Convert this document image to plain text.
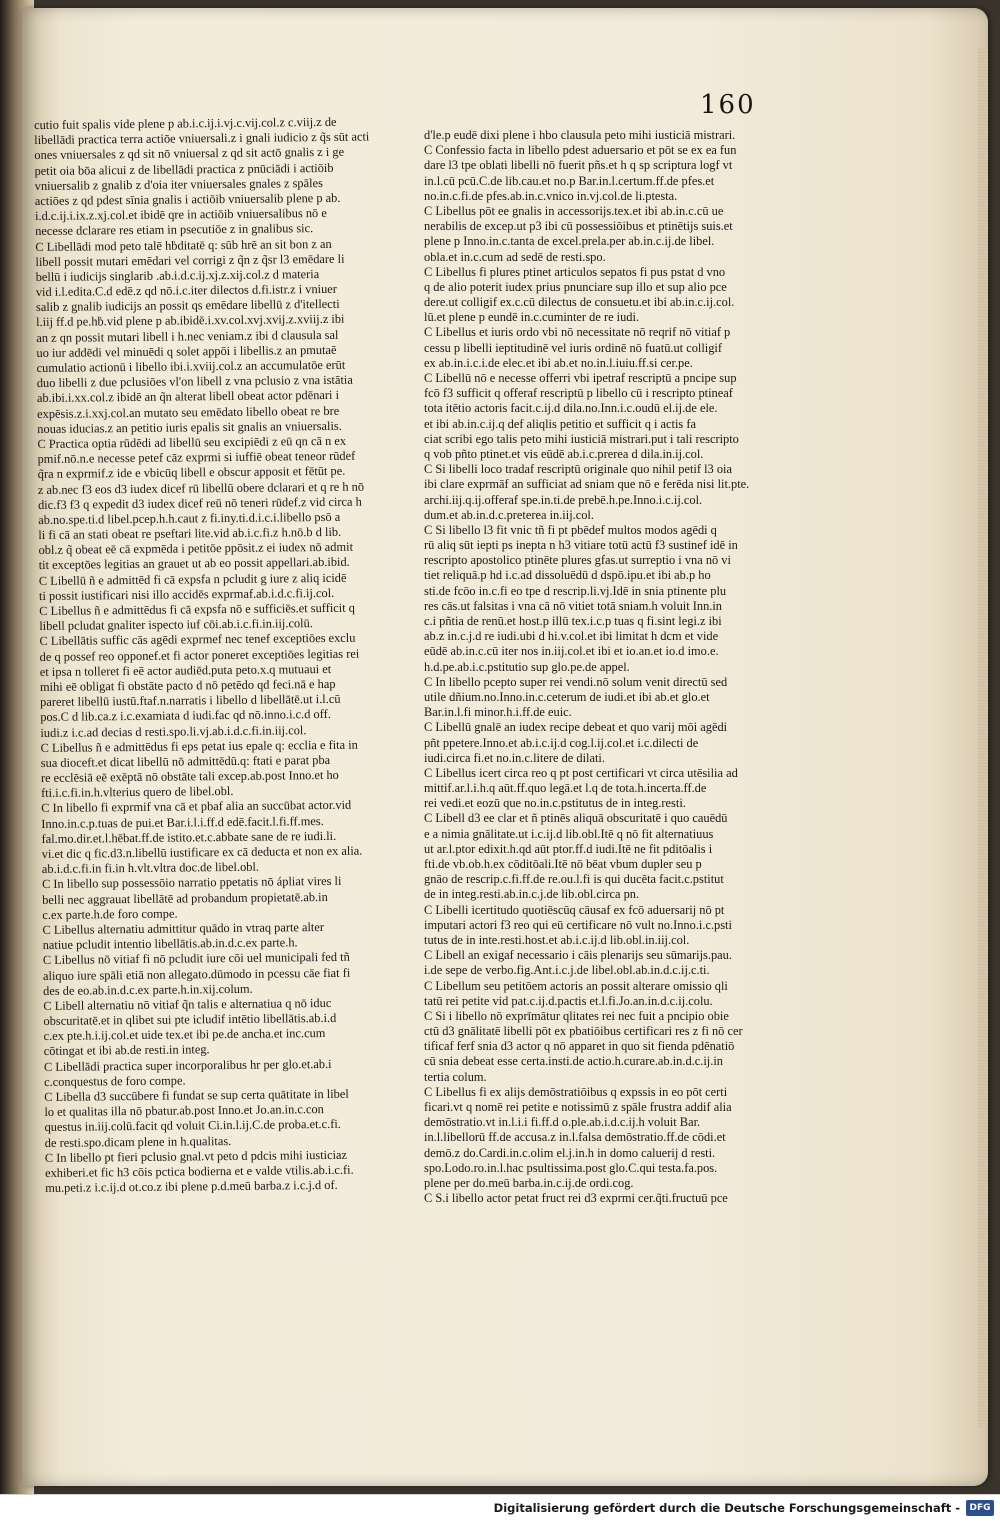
160
cutio fuit spalis vide plene p ab.i.c.ij.i.vj.c.vij.col.z c.viij.z de
libellādi practica terra actiōe vniuersali.z i gnali iudicio z q̃s sūt acti
ones vniuersales z qd sit nō vniuersal z qd sit actō gnalis z i ge
petit oia bōa alicui z de libellādi practica z pnūciādi i actiōib
vniuersalib z gnalib z d'oia iter vniuersales gnales z spāles
actiōes z qd pdest sīnia gnalis i actiōib vniuersalib plene p ab.
i.d.c.ij.i.ix.z.xj.col.et ibidē qre in actiōib vniuersalibus nō e
necesse dclarare res etiam in psecutiōe z in gnalibus sic.
C Libellādi mod peto talē hḃditatē q: sūb hrē an sit bon z an
libell possit mutari emēdari vel corrigi z q̃n z q̃sr l3 emēdare li
bellū i iudicijs singlarib .ab.i.d.c.ij.xj.z.xij.col.z d materia
vid i.l.edita.C.d edē.z qd nō.i.c.iter dilectos d.fi.istr.z i vniuer
salib z gnalib iudicijs an possit qs emēdare libellū z d'itellecti
l.iij ff.d pe.hḃ.vid plene p ab.ibidē.i.xv.col.xvj.xvij.z.xviij.z ibi
an z qn possit mutari libell i h.nec veniam.z ibi d clausula sal
uo iur addēdi vel minuēdi q solet appōi i libellis.z an pmutaē
cumulatio actionū i libello ibi.i.xviij.col.z an accumulatōe erūt
duo libelli z due pclusiōes vl'on libell z vna pclusio z vna istātia
ab.ibi.i.xx.col.z ibidē an q̃n alterat libell obeat actor pdēnari i
expēsis.z.i.xxj.col.an mutato seu emēdato libello obeat re bre
nouas iducias.z an petitio iuris epalis sit gnalis an vniuersalis.
C Practica optia rūdēdi ad libellū seu excipiēdi z eū qn cā n ex
pmif.nō.n.e necesse petef cāz exprmi si iuffiē obeat teneor rūdef
q̃ra n exprmif.z ide e vbicūq libell e obscur apposit et fētūt pe.
z ab.nec f3 eos d3 iudex dicef rū libellū obere dclarari et q re h nō
dic.f3 f3 q expedit d3 iudex dicef reū nō teneri rūdef.z vid circa h
ab.no.spe.ti.d libel.pcep.h.h.caut z fi.iny.ti.d.i.c.i.libello psō a
li fi cā an stati obeat re pseftari lite.vid ab.i.c.fi.z h.nō.b d lib.
obl.z q̃ obeat eē cā expmēda i petitōe ppōsit.z ei iudex nō admit
tit exceptōes legitias an grauet ut ab eo possit appellari.ab.ibid.
C Libellū ñ e admittēd fi cā expsfa n pcludit g iure z aliq icidē
ti possit iustificari nisi illo accidēs exprmaf.ab.i.d.c.fi.ij.col.
C Libellus ñ e admittēdus fi cā expsfa nō e sufficiēs.et sufficit q
libell pcludat gnaliter ispecto iuf cōi.ab.i.c.fi.in.iij.colū.
C Libellātis suffic cās agēdi exprmef nec tenef exceptiōes exclu
de q possef reo opponef.et fi actor poneret exceptiōes legitias rei
et ipsa n tolleret fi eē actor audiēd.puta peto.x.q mutuaui et
mihi eē obligat fi obstāte pacto d nō petēdo qd feci.nā e hap
pareret libellū iustū.ftaf.n.narratis i libello d libellātē.ut i.l.cū
pos.C d lib.ca.z i.c.examiata d iudi.fac qd nō.inno.i.c.d off.
iudi.z i.c.ad decias d resti.spo.li.vj.ab.i.d.c.fi.in.iij.col.
C Libellus ñ e admittēdus fi eps petat ius epale q: ecclia e fita in
sua dioceft.et dicat libellū nō admittēdū.q: ftati e parat pba
re ecclēsiā eē exēptā nō obstāte tali excep.ab.post Inno.et ho
fti.i.c.fi.in.h.vlterius quero de libel.obl.
C In libello fi exprmif vna cā et pbaf alia an succūbat actor.vid
Inno.in.c.p.tuas de pui.et Bar.i.l.i.ff.d edē.facit.l.fi.ff.mes.
fal.mo.dir.et.l.hēbat.ff.de istito.et.c.abbate sane de re iudi.li.
vi.et dic q fic.d3.n.libellū iustificare ex cā deducta et non ex alia.
ab.i.d.c.fi.in fi.in h.vlt.vltra doc.de libel.obl.
C In libello sup possessōio narratio ppetatis nō ápliat vires li
belli nec aggrauat libellātē ad probandum propietatē.ab.in
c.ex parte.h.de foro compe.
C Libellus alternatiu admittitur quādo in vtraq parte alter
natiue pcludit intentio libellātis.ab.in.d.c.ex parte.h.
C Libellus nō vitiaf fi nō pcludit iure cōi uel municipali fed tñ
aliquo iure spāli etiā non allegato.dūmodo in pcessu cāe fiat fi
des de eo.ab.in.d.c.ex parte.h.in.xij.colum.
C Libell alternatiu nō vitiaf q̃n talis e alternatiua q nō iduc
obscuritatē.et in qlibet sui pte icludif intētio libellātis.ab.i.d
c.ex pte.h.i.ij.col.et uide tex.et ibi pe.de ancha.et inc.cum
cōtingat et ibi ab.de resti.in integ.
C Libellādi practica super incorporalibus hr per glo.et.ab.i
c.conquestus de foro compe.
C Libella d3 succūbere fi fundat se sup certa quātitate in libel
lo et qualitas illa nō pbatur.ab.post Inno.et Jo.an.in.c.con
questus in.iij.colū.facit qd voluit Ci.in.l.ij.C.de proba.et.c.fi.
de resti.spo.dicam plene in h.qualitas.
C In libello pt fieri pclusio gnal.vt peto d pdcis mihi iusticiaz
exhiberi.et fic h3 cōis pctica bodierna et e valde vtilis.ab.i.c.fi.
mu.peti.z i.c.ij.d ot.co.z ibi plene p.d.meū barba.z i.c.j.d of.
d'le.p eudē dixi plene i hbo clausula peto mihi iusticiā mistrari.
C Confessio facta in libello pdest aduersario et pōt se ex ea fun
dare l3 tpe oblati libelli nō fuerit pñs.et h q sp scriptura logf vt
in.l.cū pcū.C.de lib.cau.et no.p Bar.in.l.certum.ff.de pfes.et
no.in.c.fi.de pfes.ab.in.c.vnico in.vj.col.de li.ptesta.
C Libellus pōt ee gnalis in accessorijs.tex.et ibi ab.in.c.cū ue
nerabilis de excep.ut p3 ibi cū possessiōibus et ptinētijs suis.et
plene p Inno.in.c.tanta de excel.prela.per ab.in.c.ij.de libel.
obla.et in.c.cum ad sedē de resti.spo.
C Libellus fi plures ptinet articulos sepatos fi pus pstat d vno
q de alio poterit iudex prius pnunciare sup illo et sup alio pce
dere.ut colligif ex.c.cū dilectus de consuetu.et ibi ab.in.c.ij.col.
lū.et plene p eundē in.c.cuminter de re iudi.
C Libellus et iuris ordo vbi nō necessitate nō reqrif nō vitiaf p
cessu p libelli ieptitudinē vel iuris ordinē nō fuatū.ut colligif
ex ab.in.i.c.i.de elec.et ibi ab.et no.in.l.iuiu.ff.si cer.pe.
C Libellū nō e necesse offerri vbi ipetraf rescriptū a pncipe sup
fcō f3 sufficit q offeraf rescriptū p libello cū i rescripto ptineaf
tota itētio actoris facit.c.ij.d dila.no.Inn.i.c.oudū el.ij.de ele.
et ibi ab.in.c.ij.q def aliqlis petitio et sufficit q i actis fa
ciat scribi ego talis peto mihi iusticiā mistrari.put i tali rescripto
q vob pñto ptinet.et vis eūdē ab.i.c.prerea d dila.in.ij.col.
C Si libelli loco tradaf rescriptū originale quo nihil petif l3 oia
ibi clare exprmāf an sufficiat ad sniam que nō e ferēda nisi lit.pte.
archi.iij.q.ij.offeraf spe.in.ti.de prebē.h.pe.Inno.i.c.ij.col.
dum.et ab.in.d.c.preterea in.iij.col.
C Si libello l3 fit vnic tñ fi pt pbēdef multos modos agēdi q
rū aliq sūt iepti ps inepta n h3 vitiare totū actū f3 sustinef idē in
rescripto apostolico ptinēte plures gfas.ut surreptio i vna nō vi
tiet reliquā.p hd i.c.ad dissoluēdū d dspō.ipu.et ibi ab.p ho
sti.de fcōo in.c.fi eo tpe d rescrip.li.vj.Idē in snia ptinente plu
res cās.ut falsitas i vna cā nō vitiet totā sniam.h voluit Inn.in
c.i pñtia de renū.et host.p illū tex.i.c.p tuas q fi.sint legi.z ibi
ab.z in.c.j.d re iudi.ubi d hi.v.col.et ibi limitat h dcm et vide
eūdē ab.in.c.cū iter nos in.iij.col.et ibi et io.an.et io.d imo.e.
h.d.pe.ab.i.c.pstitutio sup glo.pe.de appel.
C In libello pcepto super rei vendi.nō solum venit directū sed
utile dñium.no.Inno.in.c.ceterum de iudi.et ibi ab.et glo.et
Bar.in.l.fi minor.h.i.ff.de euic.
C Libellū gnalē an iudex recipe debeat et quo varij mōi agēdi
pñt ppetere.Inno.et ab.i.c.ij.d cog.l.ij.col.et i.c.dilecti de
iudi.circa fi.et no.in.c.litere de dilati.
C Libellus icert circa reo q pt post certificari vt circa utēsilia ad
mittif.ar.l.i.h.q aūt.ff.quo legā.et l.q de tota.h.incerta.ff.de
rei vedi.et eozū que no.in.c.pstitutus de in integ.resti.
C Libell d3 ee clar et ñ ptinēs aliquā obscuritatē i quo cauēdū
e a nimia gnālitate.ut i.c.ij.d lib.obl.Itē q nō fit alternatiuus
ut ar.l.ptor edixit.h.qd aūt ptor.ff.d iudi.Itē ne fit pditōalis i
fti.de vb.ob.h.ex cōditōali.Itē nō bēat vbum dupler seu p
gnāo de rescrip.c.fi.ff.de re.ou.l.fi is qui ducēta facit.c.pstitut
de in integ.resti.ab.in.c.j.de lib.obl.circa pn.
C Libelli icertitudo quotiēscūq cāusaf ex fcō aduersarij nō pt
imputari actori f3 reo qui eū certificare nō vult no.Inno.i.c.psti
tutus de in inte.resti.host.et ab.i.c.ij.d lib.obl.in.iij.col.
C Libell an exigaf necessario i cāis plenarijs seu sūmarijs.pau.
i.de sepe de verbo.fig.Ant.i.c.j.de libel.obl.ab.in.d.c.ij.c.ti.
C Libellum seu petitōem actoris an possit alterare omissio qli
tatū rei petite vid pat.c.ij.d.pactis et.l.fi.Jo.an.in.d.c.ij.colu.
C Si i libello nō exprīmātur qlitates rei nec fuit a pncipio obie
ctū d3 gnālitatē libelli pōt ex pbatiōibus certificari res z fi nō cer
tificaf ferf snia d3 actor q nō apparet in quo sit fienda pdēnatiō
cū snia debeat esse certa.insti.de actio.h.curare.ab.in.d.c.ij.in
tertia colum.
C Libellus fi ex alijs demōstratiōibus q expssis in eo pōt certi
ficari.vt q nomē rei petite e notissimū z spāle frustra addif alia
demōstratio.vt in.l.i.i fi.ff.d o.ple.ab.i.d.c.ij.h voluit Bar.
in.l.libellorū ff.de accusa.z in.l.falsa demōstratio.ff.de cōdi.et
demō.z do.Cardi.in.c.olim el.j.in.h in domo caluerij d resti.
spo.Lodo.ro.in.l.hac psultissima.post glo.C.qui testa.fa.pos.
plene per do.meū barba.in.c.ij.de ordi.cog.
C S.i libello actor petat fruct rei d3 exprmi cer.q̃ti.fructuū pce
Digitalisierung gefördert durch die Deutsche Forschungsgemeinschaft -	DFG
